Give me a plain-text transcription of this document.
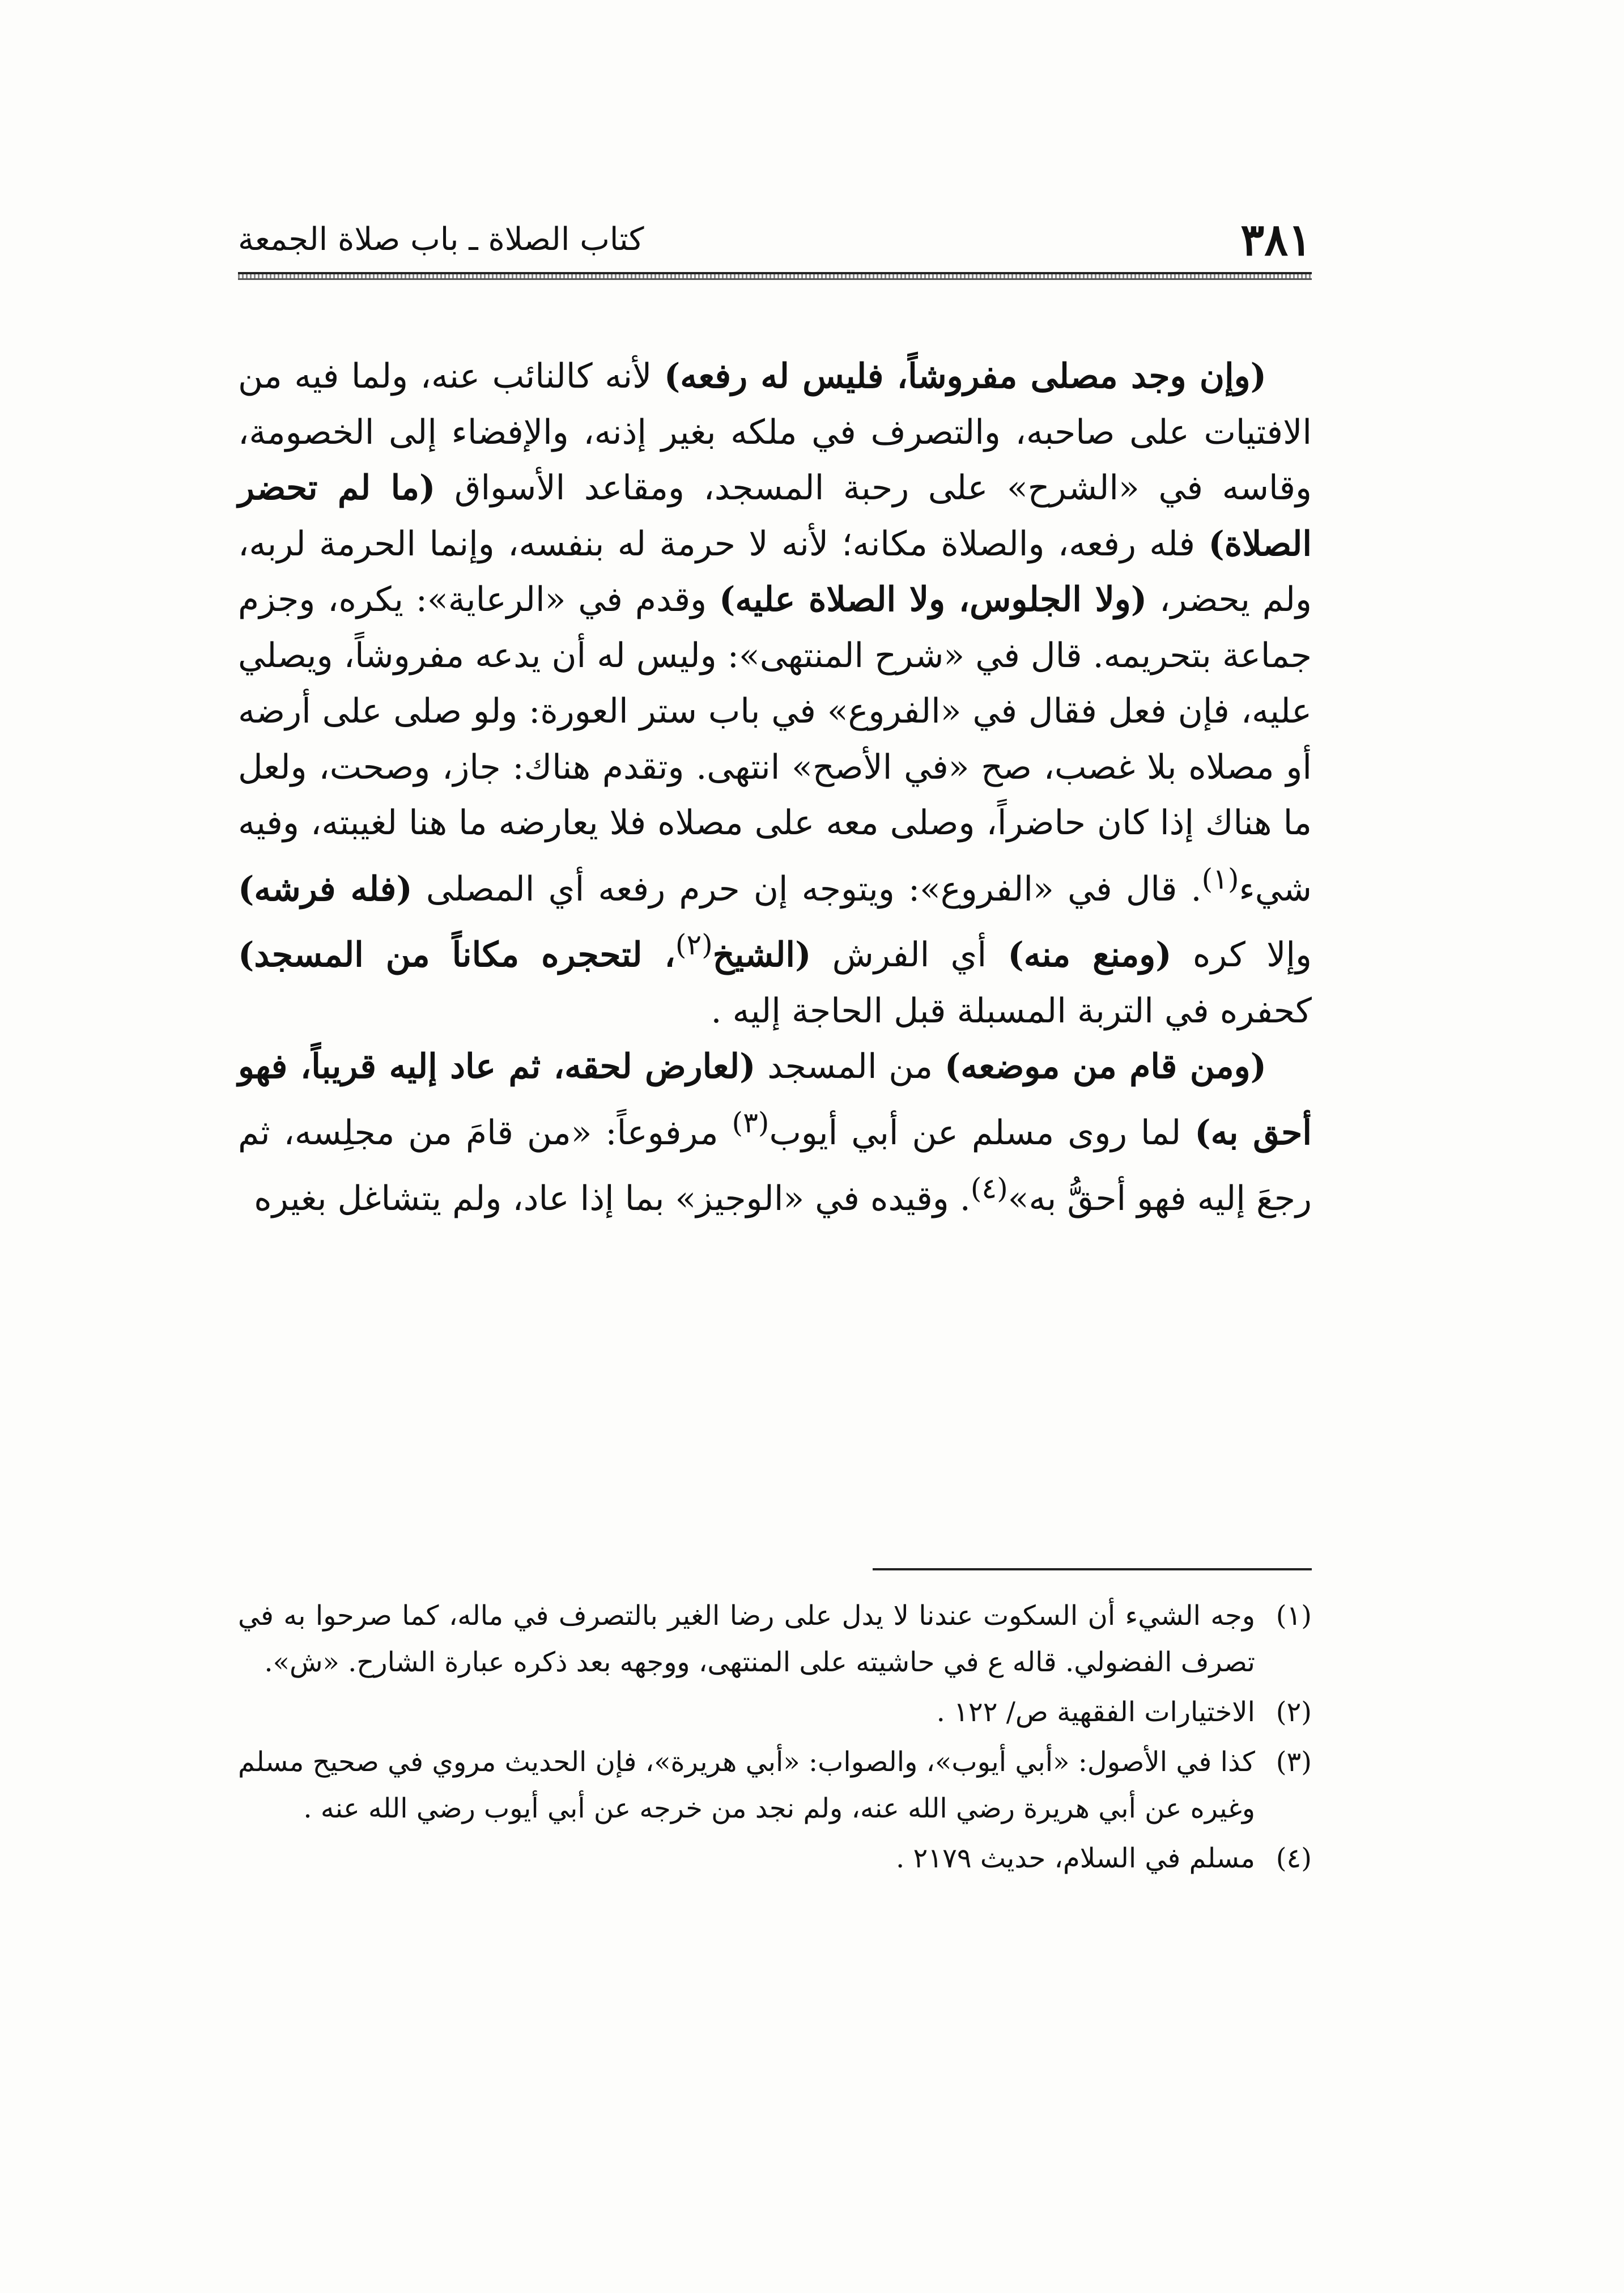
٣٨١
كتاب الصلاة ـ باب صلاة الجمعة

(وإن وجد مصلى مفروشاً، فليس له رفعه) لأنه كالنائب عنه، ولما فيه من الافتيات على صاحبه، والتصرف في ملكه بغير إذنه، والإفضاء إلى الخصومة، وقاسه في «الشرح» على رحبة المسجد، ومقاعد الأسواق (ما لم تحضر الصلاة) فله رفعه، والصلاة مكانه؛ لأنه لا حرمة له بنفسه، وإنما الحرمة لربه، ولم يحضر، (ولا الجلوس، ولا الصلاة عليه) وقدم في «الرعاية»: يكره، وجزم جماعة بتحريمه. قال في «شرح المنتهى»: وليس له أن يدعه مفروشاً، ويصلي عليه، فإن فعل فقال في «الفروع» في باب ستر العورة: ولو صلى على أرضه أو مصلاه بلا غصب، صح «في الأصح» انتهى. وتقدم هناك: جاز، وصحت، ولعل ما هناك إذا كان حاضراً، وصلى معه على مصلاه فلا يعارضه ما هنا لغيبته، وفيه شيء$^{(١)}$. قال في «الفروع»: ويتوجه إن حرم رفعه أي المصلى (فله فرشه) وإلا كره (ومنع منه) أي الفرش (الشيخ$^{(٢)}$، لتحجره مكاناً من المسجد) كحفره في التربة المسبلة قبل الحاجة إليه .

(ومن قام من موضعه) من المسجد (لعارض لحقه، ثم عاد إليه قريباً، فهو أحق به) لما روى مسلم عن أبي أيوب$^{(٣)}$ مرفوعاً: «من قامَ من مجلِسه، ثم رجعَ إليه فهو أحقُّ به»$^{(٤)}$. وقيده في «الوجيز» بما إذا عاد، ولم يتشاغل بغيره

(١)
وجه الشيء أن السكوت عندنا لا يدل على رضا الغير بالتصرف في ماله، كما صرحوا به في تصرف الفضولي. قاله ع في حاشيته على المنتهى، ووجهه بعد ذكره عبارة الشارح. «ش».
(٢)
الاختيارات الفقهية ص/ ١٢٢ .
(٣)
كذا في الأصول: «أبي أيوب»، والصواب: «أبي هريرة»، فإن الحديث مروي في صحيح مسلم وغيره عن أبي هريرة رضي الله عنه، ولم نجد من خرجه عن أبي أيوب رضي الله عنه .
(٤)
مسلم في السلام، حديث ٢١٧٩ .
